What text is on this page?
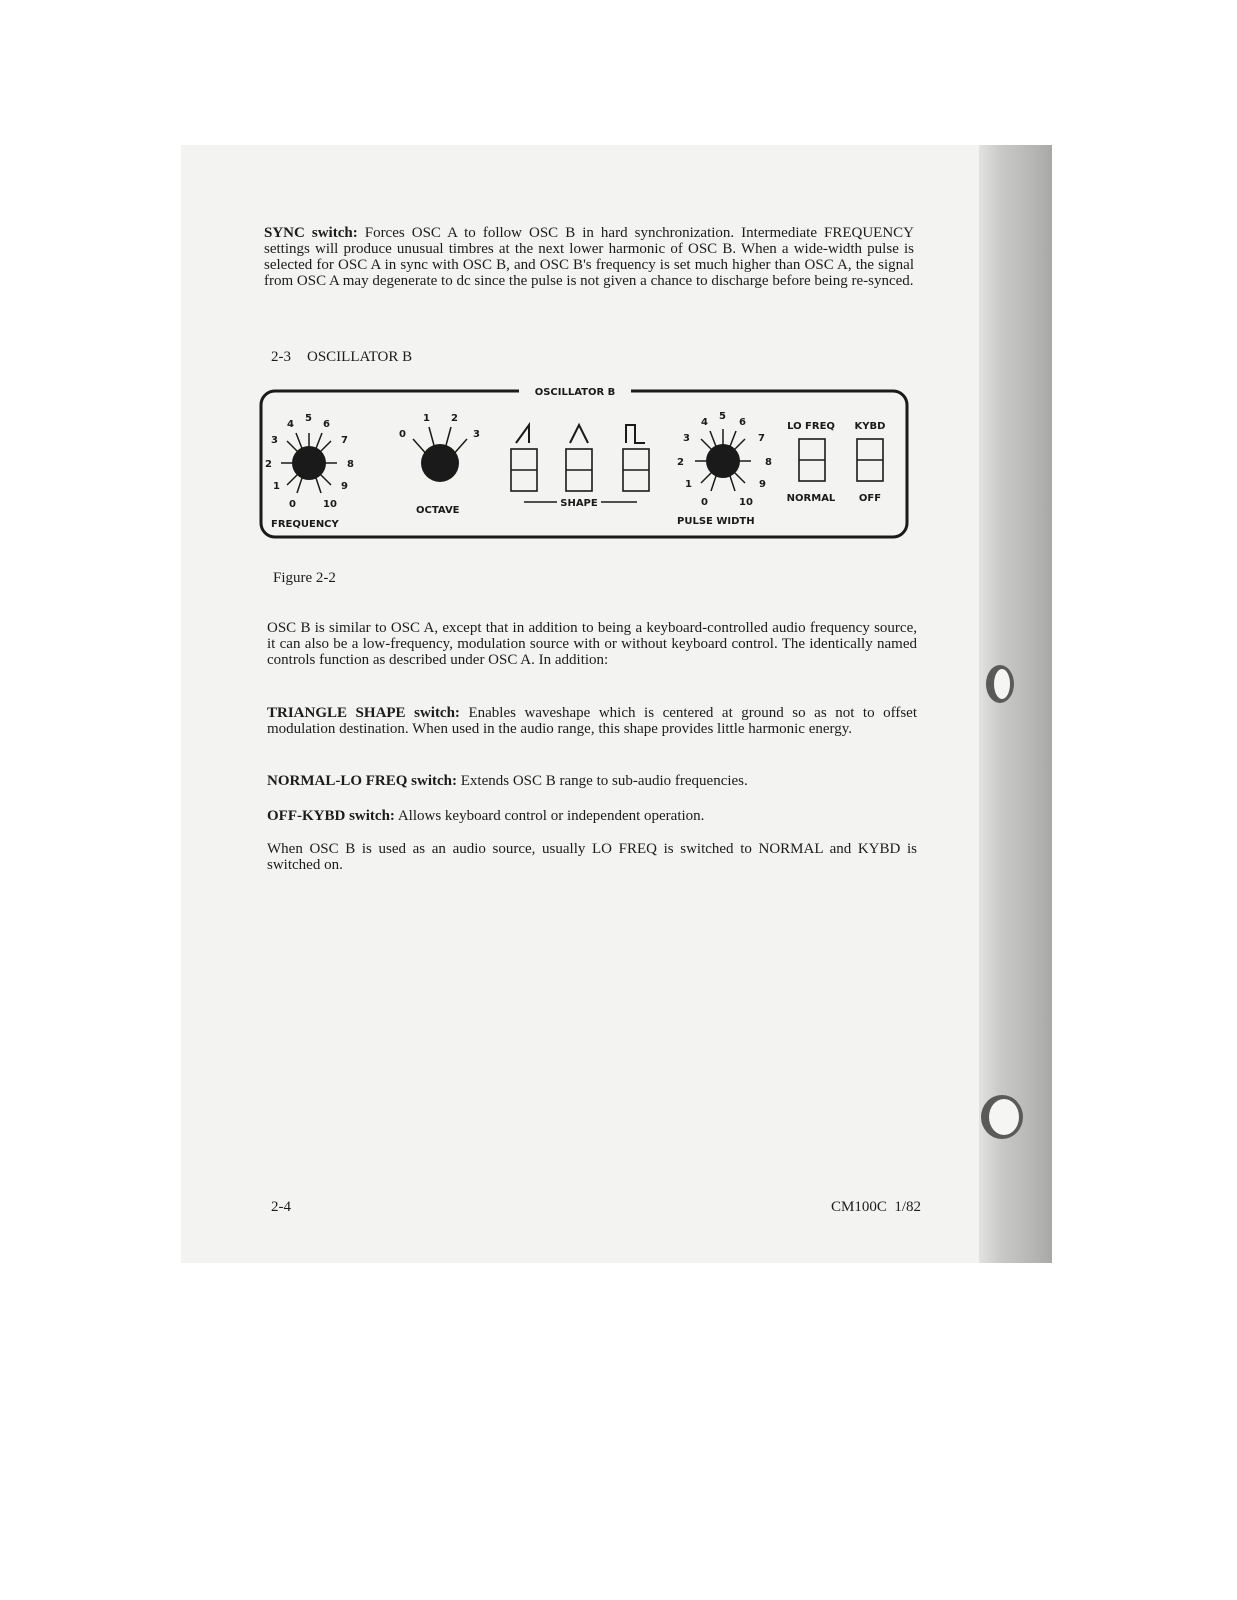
SYNC switch: Forces OSC A to follow OSC B in hard synchronization. Intermediate FREQUENCY settings will produce unusual timbres at the next lower harmonic of OSC B. When a wide-width pulse is selected for OSC A in sync with OSC B, and OSC B's frequency is set much higher than OSC A, the signal from OSC A may degenerate to dc since the pulse is not given a chance to discharge before being re-synced.

2-3 OSCILLATOR B
OSCILLATOR B
0
1
2
3
4
5
6
7
8
9
10
FREQUENCY
0
1 2
3
OCTAVE
SHAPE	0
1
2
3
4
5
6
7
8
9
10
PULSE WIDTH
LO FREQ
NORMAL
KYBD
OFF
Figure 2-2

OSC B is similar to OSC A, except that in addition to being a keyboard-controlled audio frequency source, it can also be a low-frequency, modulation source with or without keyboard control. The identically named controls function as described under OSC A. In addition:

TRIANGLE SHAPE switch: Enables waveshape which is centered at ground so as not to offset modulation destination. When used in the audio range, this shape provides little harmonic energy.

NORMAL-LO FREQ switch: Extends OSC B range to sub-audio frequencies.

OFF-KYBD switch: Allows keyboard control or independent operation.

When OSC B is used as an audio source, usually LO FREQ is switched to NORMAL and KYBD is switched on.

2-4	CM100C  1/82
